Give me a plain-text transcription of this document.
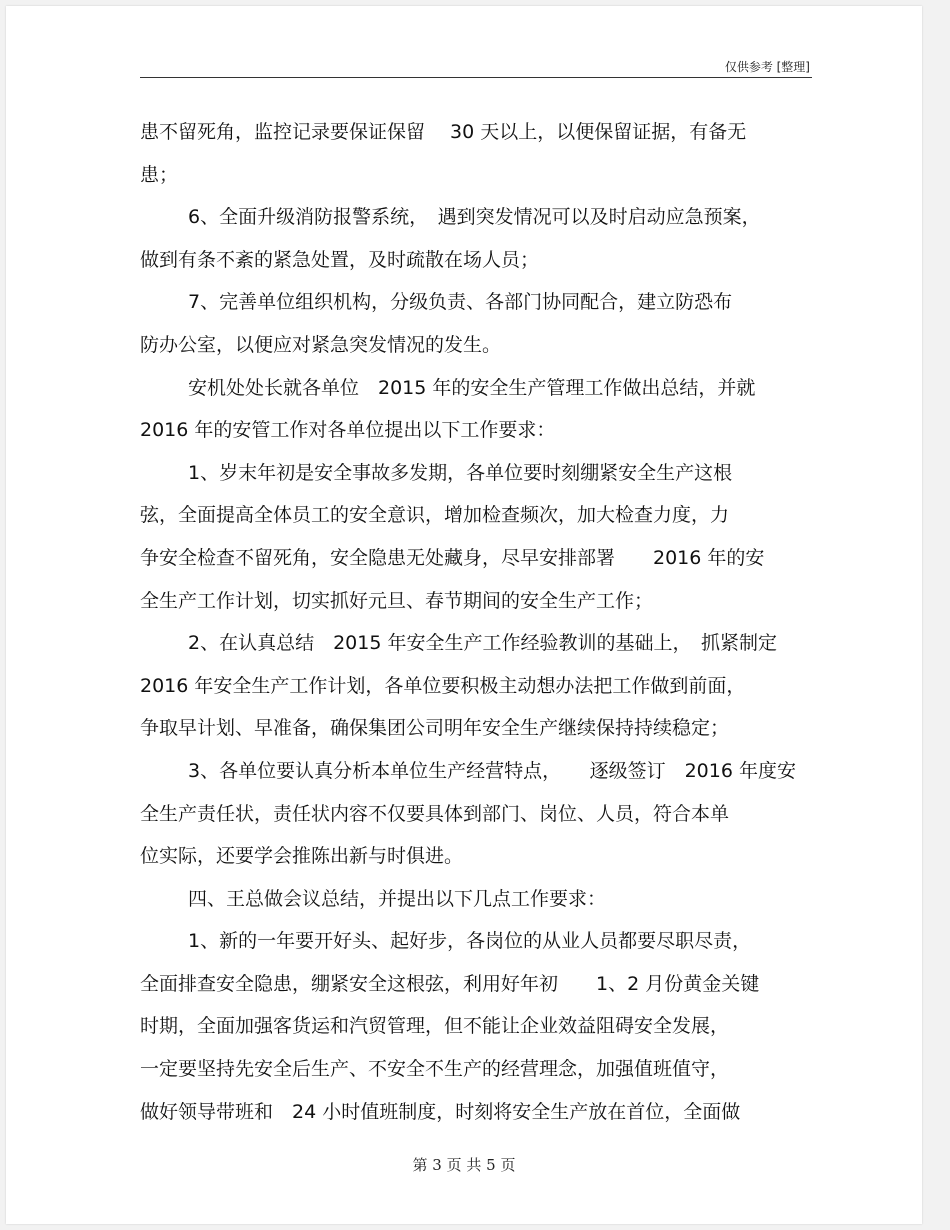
仅供参考 [整理]
患不留死角，监控记录要保证保留　 30 天以上，以便保留证据，有备无
患；
6、全面升级消防报警系统，　遇到突发情况可以及时启动应急预案，
做到有条不紊的紧急处置，及时疏散在场人员；
7、完善单位组织机构，分级负责、各部门协同配合，建立防恐布
防办公室，以便应对紧急突发情况的发生。
安机处处长就各单位　2015 年的安全生产管理工作做出总结，并就
2016 年的安管工作对各单位提出以下工作要求：
1、岁末年初是安全事故多发期，各单位要时刻绷紧安全生产这根
弦，全面提高全体员工的安全意识，增加检查频次，加大检查力度，力
争安全检查不留死角，安全隐患无处藏身，尽早安排部署　　2016 年的安
全生产工作计划，切实抓好元旦、春节期间的安全生产工作；
2、在认真总结　2015 年安全生产工作经验教训的基础上，　抓紧制定
2016 年安全生产工作计划，各单位要积极主动想办法把工作做到前面，
争取早计划、早准备，确保集团公司明年安全生产继续保持持续稳定；
3、各单位要认真分析本单位生产经营特点，　　逐级签订　2016 年度安
全生产责任状，责任状内容不仅要具体到部门、岗位、人员，符合本单
位实际，还要学会推陈出新与时俱进。
四、王总做会议总结，并提出以下几点工作要求：
1、新的一年要开好头、起好步，各岗位的从业人员都要尽职尽责，
全面排查安全隐患，绷紧安全这根弦，利用好年初　　1、2 月份黄金关键
时期，全面加强客货运和汽贸管理，但不能让企业效益阻碍安全发展，
一定要坚持先安全后生产、不安全不生产的经营理念，加强值班值守，
做好领导带班和　24 小时值班制度，时刻将安全生产放在首位，全面做
第 3 页 共 5 页
